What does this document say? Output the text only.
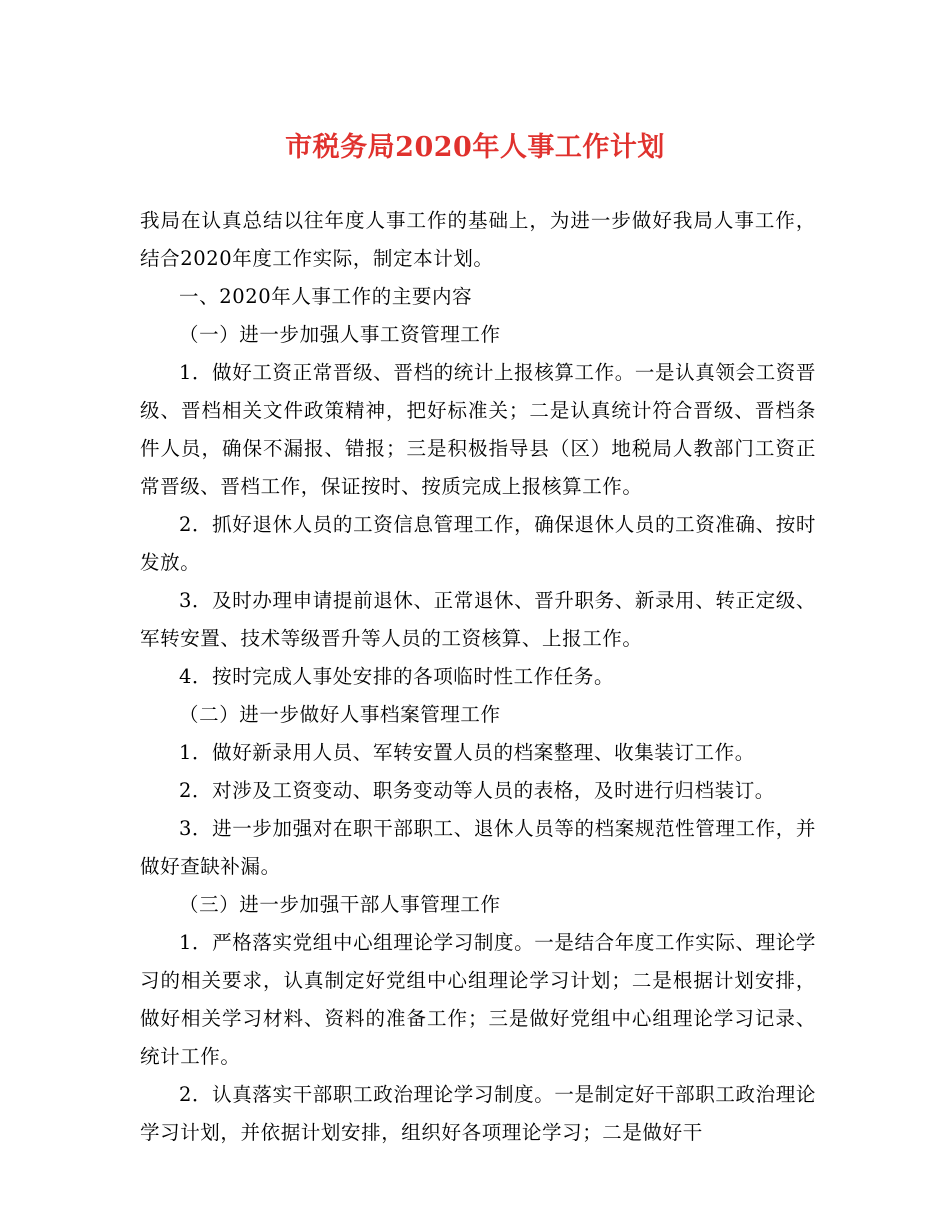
市税务局2020年人事工作计划

我局在认真总结以往年度人事工作的基础上，为进一步做好我局人事工作，结合2020年度工作实际，制定本计划。

一、2020年人事工作的主要内容

（一）进一步加强人事工资管理工作

1．做好工资正常晋级、晋档的统计上报核算工作。一是认真领会工资晋级、晋档相关文件政策精神，把好标准关；二是认真统计符合晋级、晋档条件人员，确保不漏报、错报；三是积极指导县（区）地税局人教部门工资正常晋级、晋档工作，保证按时、按质完成上报核算工作。

2．抓好退休人员的工资信息管理工作，确保退休人员的工资准确、按时发放。

3．及时办理申请提前退休、正常退休、晋升职务、新录用、转正定级、军转安置、技术等级晋升等人员的工资核算、上报工作。

4．按时完成人事处安排的各项临时性工作任务。

（二）进一步做好人事档案管理工作

1．做好新录用人员、军转安置人员的档案整理、收集装订工作。

2．对涉及工资变动、职务变动等人员的表格，及时进行归档装订。

3．进一步加强对在职干部职工、退休人员等的档案规范性管理工作，并做好查缺补漏。

（三）进一步加强干部人事管理工作

1．严格落实党组中心组理论学习制度。一是结合年度工作实际、理论学习的相关要求，认真制定好党组中心组理论学习计划；二是根据计划安排，做好相关学习材料、资料的准备工作；三是做好党组中心组理论学习记录、统计工作。

2．认真落实干部职工政治理论学习制度。一是制定好干部职工政治理论学习计划，并依据计划安排，组织好各项理论学习；二是做好干
